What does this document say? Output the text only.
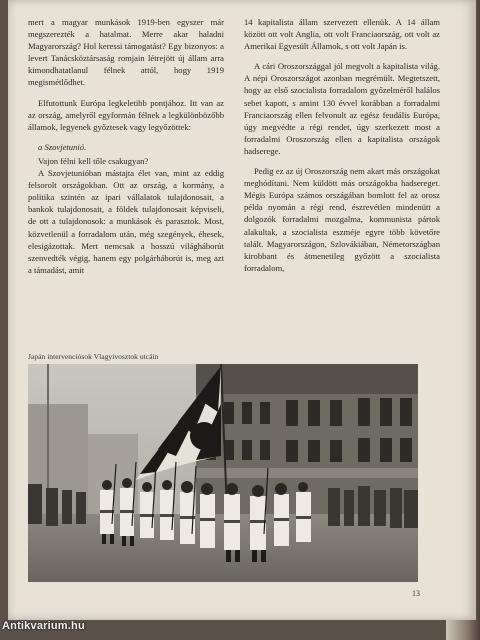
mert a magyar munkások 1919-ben egyszer már megszerezték a hatalmat. Merre akar haladni Magyarország? Hol keressi támogatást? Egy bizonyos: a levert Tanácsköztársaság romjain létrejött új állam arra kimondhatatlanul félnek attól, hogy 1919 megismétlődhet.

Elfutottunk Európa legkeletibb pontjához. Itt van az az ország, amelyről egyformán félnek a legkülönbözőbb államok, legyenek győztesek vagy legyőzöttek:

a Szovjetunió.

Vajon félni kell tőle csakugyan?

A Szovjetunióban mástajta élet van, mint az eddig felsorolt országokban. Ott az ország, a kormány, a politika szintén az ipari vállalatok tulajdonosait, a bankok tulajdonosait, a földek tulajdonosait képviseli, de ott a tulajdonosok: a munkások és parasztok. Most, közvetlenül a forradalom után, még szegények, éhesek, elesigázottak. Mert nemcsak a hosszú világháborút szenvedték végig, hanem egy polgárháborút is, meg azt a támadást, amit

14 kapitalista állam szervezett ellenük. A 14 állam között ott volt Anglia, ott volt Franciaország, ott volt az Amerikai Egyesült Államok, s ott volt Japán is.

A cári Oroszországgal jól megvolt a kapitalista világ. A népi Oroszországot azonban megrémült. Megtetszett, hogy az első szocialista forradalom győzelméről halálos sebet kapott, s amint 130 évvel korábban a forradalmi Franciaország ellen felvonult az egész feudális Európa, úgy megvédte a régi rendet, úgy szerkezett most a forradalmi Oroszország ellen a kapitalista országok hadserege.

Pedig ez az új Oroszország nem akart más országokat meghódítani. Nem küldött más országokba hadsereget. Mégis Európa számos országában bomlott fel az orosz példa nyomán a régi rend, észrevétlen mindenütt a dolgozók forradalmi mozgalma, kommunista pártok alakultak, a szocialista eszméje egyre több követőre talált. Magyarországon, Szlovákiában, Németországban kirobbant és átmenetileg győzött a szocialista forradalom,

Japán intervenciósok Vlagyivosztok utcáin
13
Antikvarium.hu
